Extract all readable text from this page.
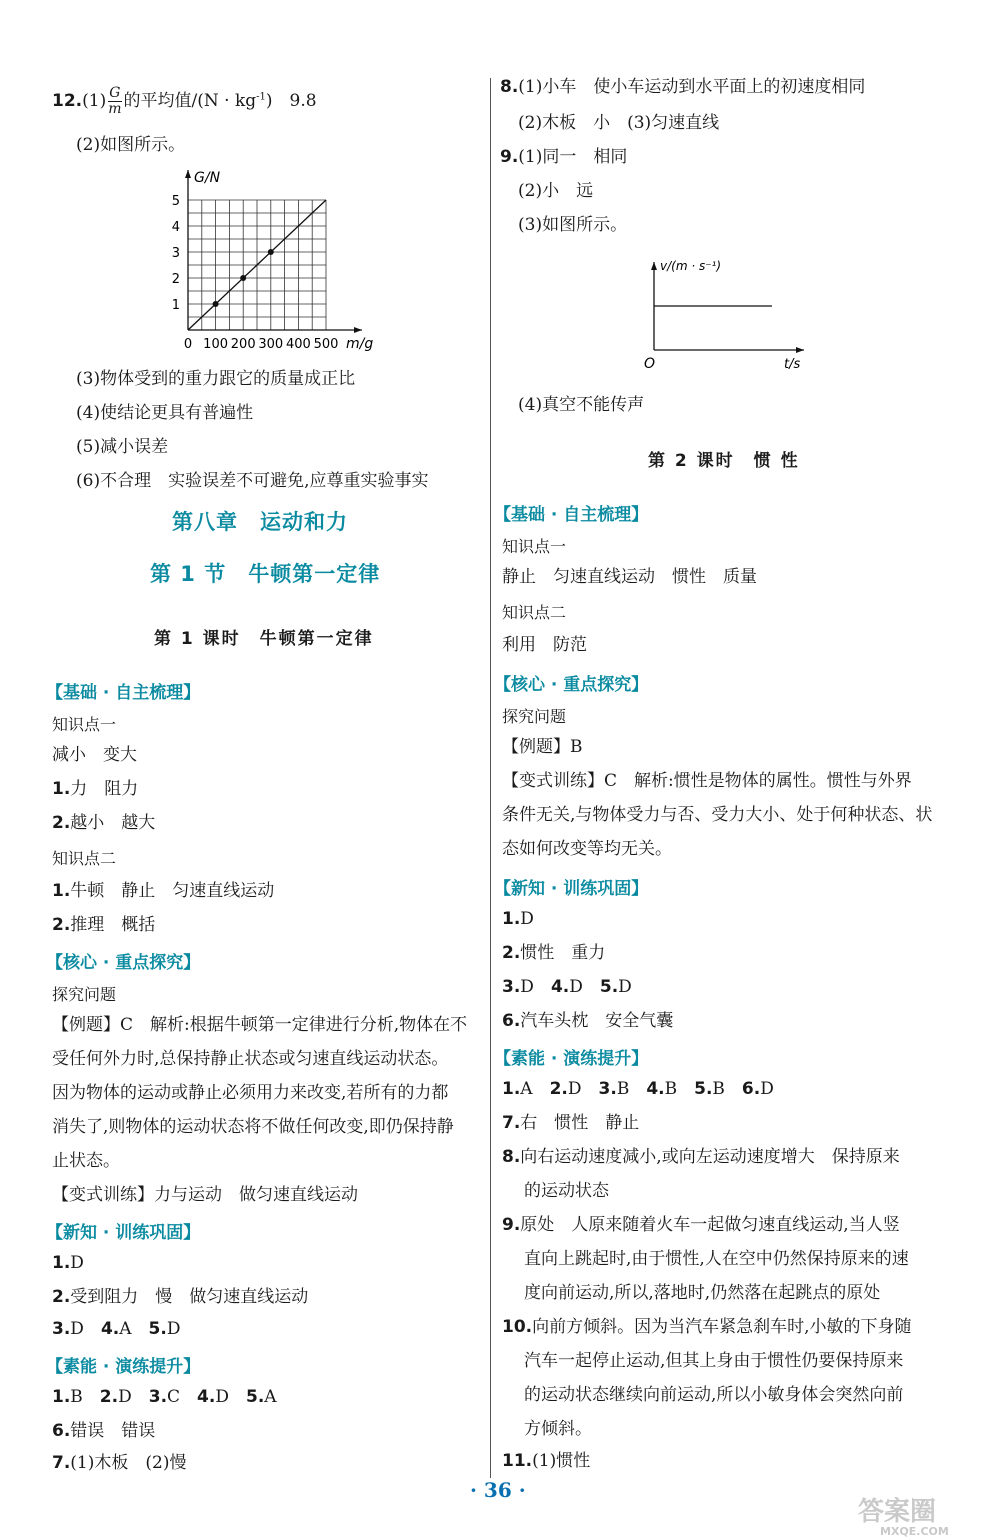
$12.(1) \frac{G}{m}$ 的平均值$/(N \cdot kg^{-1})$　 9.8
(2)如图所示。
0 100 200 300 400 500
1
2
3
4
5
G/N
m/g
(3)物体受到的重力跟它的质量成正比
(4)使结论更具有普遍性
(5)减小误差
(6)不合理　实验误差不可避免,应尊重实验事实
第八章　运动和力
第 1 节　牛顿第一定律
第 1 课时　牛顿第一定律
【基础 · 自主梳理】
知识点一
减小　变大
1.力　阻力
2.越小　越大
知识点二
1.牛顿　静止　匀速直线运动
2.推理　概括
【核心 · 重点探究】
探究问题
【例题】C　解析:根据牛顿第一定律进行分析,物体在不
受任何外力时,总保持静止状态或匀速直线运动状态。
因为物体的运动或静止必须用力来改变,若所有的力都
消失了,则物体的运动状态将不做任何改变,即仍保持静
止状态。
【变式训练】力与运动　做匀速直线运动
【新知 · 训练巩固】
1.D
2.受到阻力　慢　做匀速直线运动
3.D　 4.A　 5.D
【素能 · 演练提升】
1.B　 2.D　 3.C　 4.D　 5.A
6.错误　错误
7.(1)木板　(2)慢
8.(1)小车　使小车运动到水平面上的初速度相同
(2)木板　小　(3)匀速直线
9.(1)同一　相同
(2)小　远
(3)如图所示。
v/(m · s⁻¹)
t/s
O
(4)真空不能传声
第 2 课时　惯 性
【基础 · 自主梳理】
知识点一
静止　匀速直线运动　惯性　质量
知识点二
利用　防范
【核心 · 重点探究】
探究问题
【例题】B
【变式训练】C　解析:惯性是物体的属性。惯性与外界
条件无关,与物体受力与否、受力大小、处于何种状态、状
态如何改变等均无关。
【新知 · 训练巩固】
1.D
2.惯性　重力
3.D　 4.D　 5.D
6.汽车头枕　安全气囊
【素能 · 演练提升】
1.A　 2.D　 3.B　 4.B　 5.B　 6.D
7.右　惯性　静止
8.向右运动速度减小,或向左运动速度增大　保持原来
的运动状态
9.原处　人原来随着火车一起做匀速直线运动,当人竖
直向上跳起时,由于惯性,人在空中仍然保持原来的速
度向前运动,所以,落地时,仍然落在起跳点的原处
10.向前方倾斜。因为当汽车紧急刹车时,小敏的下身随
汽车一起停止运动,但其上身由于惯性仍要保持原来
的运动状态继续向前运动,所以小敏身体会突然向前
方倾斜。
11.(1)惯性
· 36 ·
答案圈
MXQE.COM
